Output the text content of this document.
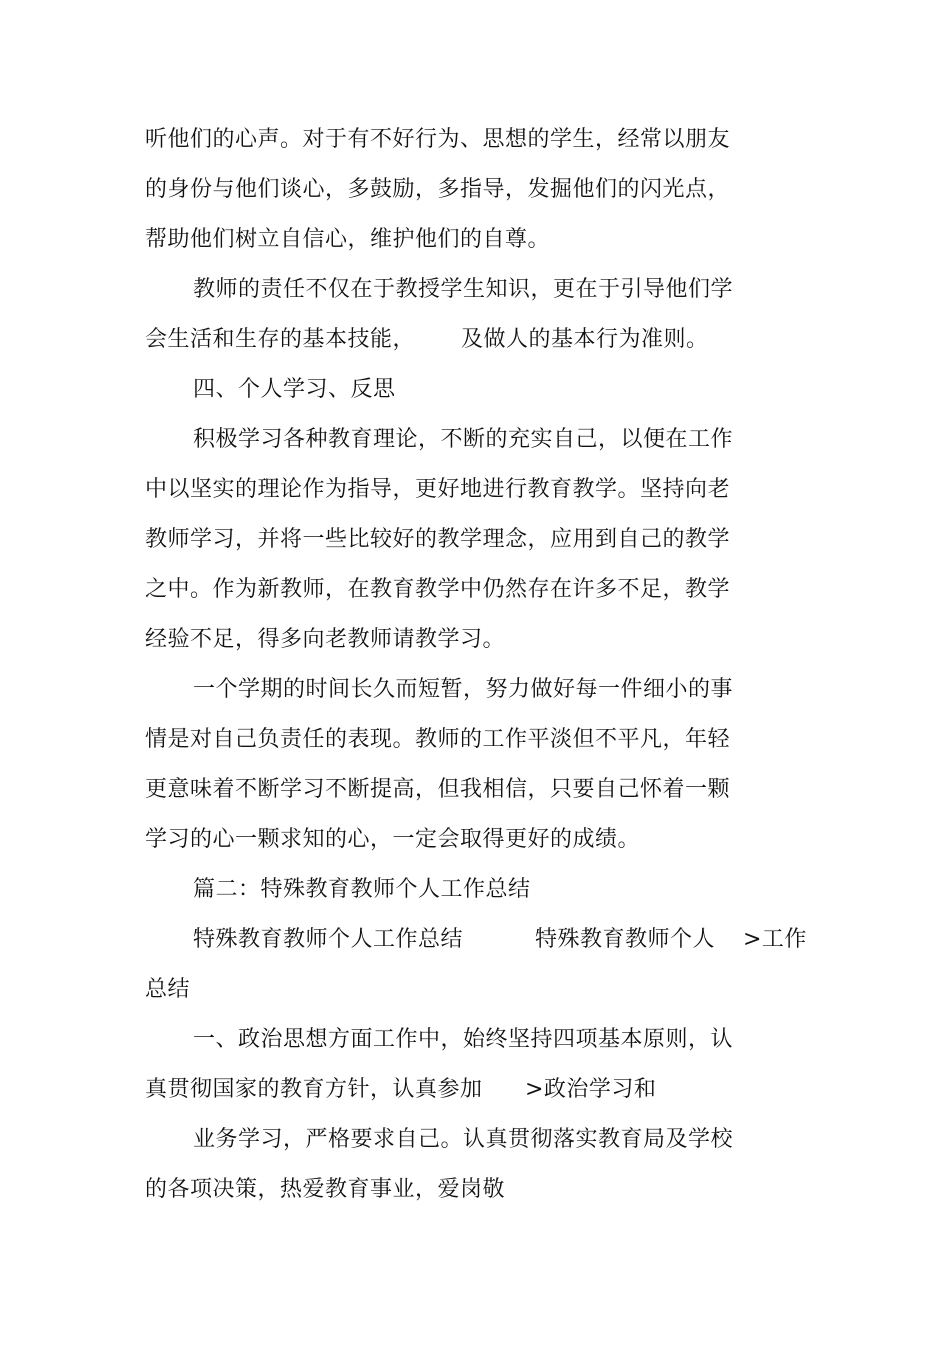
听他们的心声。对于有不好行为、思想的学生，经常以朋友
的身份与他们谈心，多鼓励，多指导，发掘他们的闪光点，
帮助他们树立自信心，维护他们的自尊。
教师的责任不仅在于教授学生知识，更在于引导他们学
会生活和生存的基本技能， 及做人的基本行为准则。
四、个人学习、反思
积极学习各种教育理论，不断的充实自己，以便在工作
中以坚实的理论作为指导，更好地进行教育教学。坚持向老
教师学习，并将一些比较好的教学理念，应用到自己的教学
之中。作为新教师，在教育教学中仍然存在许多不足，教学
经验不足，得多向老教师请教学习。
一个学期的时间长久而短暂，努力做好每一件细小的事
情是对自己负责任的表现。教师的工作平淡但不平凡，年轻
更意味着不断学习不断提高，但我相信，只要自己怀着一颗
学习的心一颗求知的心，一定会取得更好的成绩。
篇二：特殊教育教师个人工作总结
特殊教育教师个人工作总结	特殊教育教师个人 >工作
总结
一、政治思想方面工作中，始终坚持四项基本原则，认
真贯彻国家的教育方针，认真参加 >政治学习和
业务学习，严格要求自己。认真贯彻落实教育局及学校
的各项决策，热爱教育事业，爱岗敬
